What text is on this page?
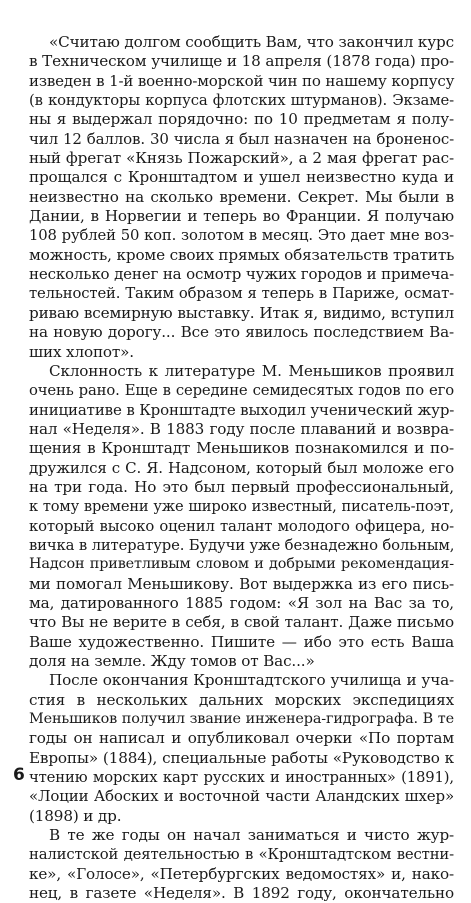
«Считаю долгом сообщить Вам, что закончил курс
в Техническом училище и 18 апреля (1878 года) про-
изведен в 1-й военно-морской чин по нашему корпусу
(в кондукторы корпуса флотских штурманов). Экзаме-
ны я выдержал порядочно: по 10 предметам я полу-
чил 12 баллов. 30 числа я был назначен на броненос-
ный фрегат «Князь Пожарский», а 2 мая фрегат рас-
прощался с Кронштадтом и ушел неизвестно куда и
неизвестно на сколько времени. Секрет. Мы были в
Дании, в Норвегии и теперь во Франции. Я получаю
108 рублей 50 коп. золотом в месяц. Это дает мне воз-
можность, кроме своих прямых обязательств тратить
несколько денег на осмотр чужих городов и примеча-
тельностей. Таким образом я теперь в Париже, осмат-
риваю всемирную выставку. Итак я, видимо, вступил
на новую дорогу... Все это явилось последствием Ва-
ших хлопот».
Склонность к литературе М. Меньшиков проявил
очень рано. Еще в середине семидесятых годов по его
инициативе в Кронштадте выходил ученический жур-
нал «Неделя». В 1883 году после плаваний и возвра-
щения в Кронштадт Меньшиков познакомился и по-
дружился с С. Я. Надсоном, который был моложе его
на три года. Но это был первый профессиональный,
к тому времени уже широко известный, писатель-поэт,
который высоко оценил талант молодого офицера, но-
вичка в литературе. Будучи уже безнадежно больным,
Надсон приветливым словом и добрыми рекомендация-
ми помогал Меньшикову. Вот выдержка из его пись-
ма, датированного 1885 годом: «Я зол на Вас за то,
что Вы не верите в себя, в свой талант. Даже письмо
Ваше художественно. Пишите — ибо это есть Ваша
доля на земле. Жду томов от Вас...»
После окончания Кронштадтского училища и уча-
стия в нескольких дальних морских экспедициях
Меньшиков получил звание инженера-гидрографа. В те
годы он написал и опубликовал очерки «По портам
Европы» (1884), специальные работы «Руководство к
чтению морских карт русских и иностранных» (1891),
«Лоции Абоских и восточной части Аландских шхер»
(1898) и др.
В те же годы он начал заниматься и чисто жур-
налистской деятельностью в «Кронштадтском вестни-
ке», «Голосе», «Петербургских ведомостях» и, нако-
нец, в газете «Неделя». В 1892 году, окончательно
6
